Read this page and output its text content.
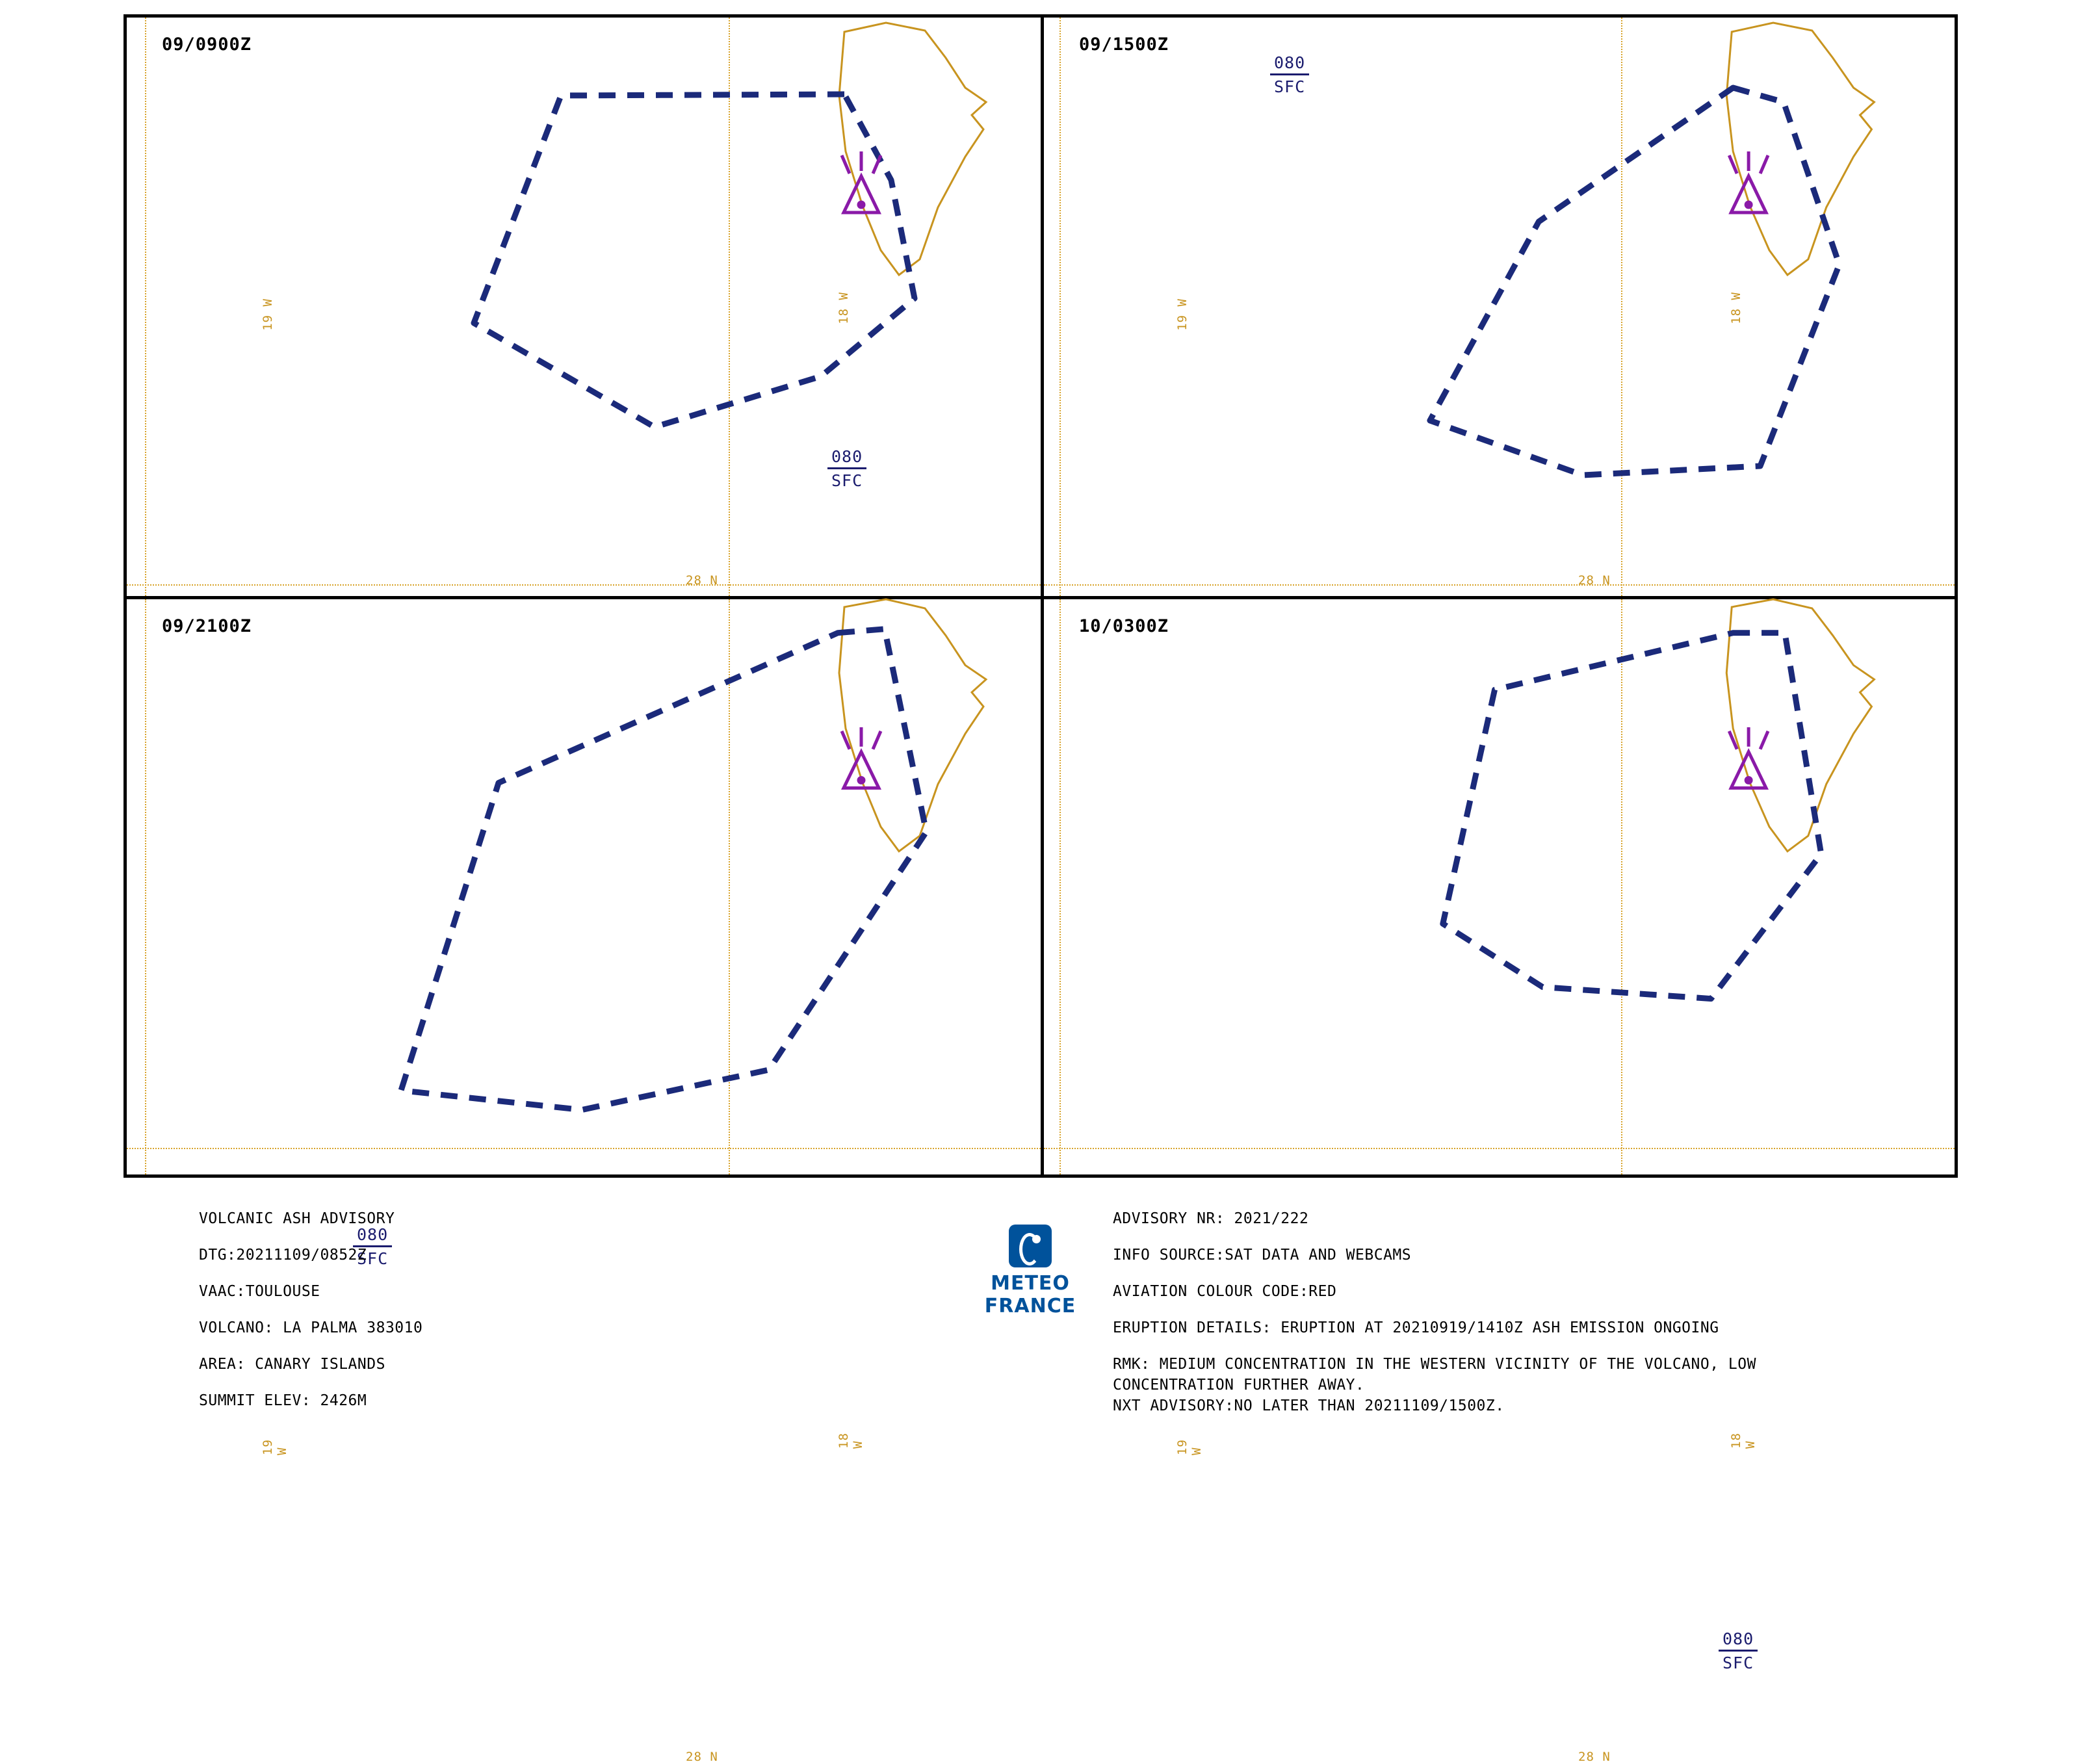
09/0900Z
19 W	18 W
28 N
080
SFC
09/1500Z
19 W	18 W
28 N
080
SFC
09/2100Z
19 W
18 W
28 N
080
SFC
10/0300Z
19 W
18 W
28 N
080
SFC
VOLCANIC ASH ADVISORY
DTG:20211109/0852Z
VAAC:TOULOUSE
VOLCANO: LA PALMA 383010
AREA: CANARY ISLANDS
SUMMIT ELEV: 2426M
METEO
FRANCE
ADVISORY NR: 2021/222
INFO SOURCE:SAT DATA AND WEBCAMS
AVIATION COLOUR CODE:RED
ERUPTION DETAILS: ERUPTION AT 20210919/1410Z ASH EMISSION ONGOING
RMK: MEDIUM CONCENTRATION IN THE WESTERN VICINITY OF THE VOLCANO, LOW
CONCENTRATION FURTHER AWAY.
NXT ADVISORY:NO LATER THAN 20211109/1500Z.
